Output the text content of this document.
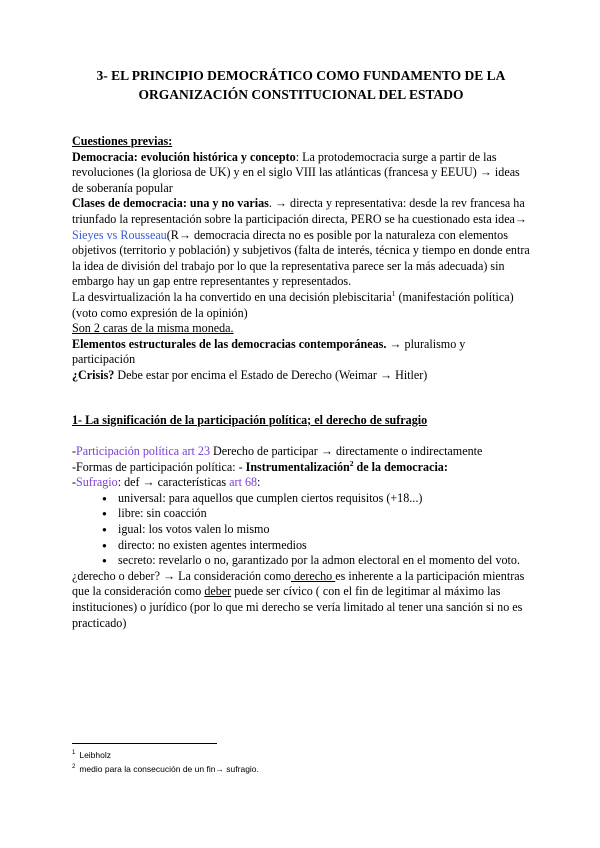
3- EL PRINCIPIO DEMOCRÁTICO COMO FUNDAMENTO DE LA
ORGANIZACIÓN CONSTITUCIONAL DEL ESTADO

Cuestiones previas:

Democracia: evolución histórica y concepto: La protodemocracia surge a partir de las revoluciones (la gloriosa de UK) y en el siglo VIII las atlánticas (francesa y EEUU) → ideas de soberanía popular

Clases de democracia: una y no varias. → directa y representativa: desde la rev francesa ha triunfado la representación sobre la participación directa, PERO se ha cuestionado esta idea→ Sieyes vs Rousseau(R→ democracia directa no es posible por la naturaleza con elementos objetivos (territorio y población) y subjetivos (falta de interés, técnica y tiempo en donde entra la idea de división del trabajo por lo que la representativa parece ser la más adecuada) sin embargo hay un gap entre representantes y representados.

La desvirtualización la ha convertido en una decisión plebiscitaria$^1$ (manifestación política) (voto como expresión de la opinión)

Son 2 caras de la misma moneda.

Elementos estructurales de las democracias contemporáneas. → pluralismo y participación

¿Crisis? Debe estar por encima el Estado de Derecho (Weimar → Hitler)

1- La significación de la participación política; el derecho de sufragio

-Participación política art 23 Derecho de participar → directamente o indirectamente

-Formas de participación política: - Instrumentalización$^2$ de la democracia:

-Sufragio: def → características art 68:

● universal: para aquellos que cumplen ciertos requisitos (+18...)
● libre: sin coacción
● igual: los votos valen lo mismo
● directo: no existen agentes intermedios
● secreto: revelarlo o no, garantizado por la admon electoral en el momento del voto.

¿derecho o deber? → La consideración como derecho es inherente a la participación mientras que la consideración como deber puede ser cívico ( con el fin de legitimar al máximo las instituciones) o jurídico (por lo que mi derecho se vería limitado al tener una sanción si no es practicado)

$^1$ Leibholz
$^2$ medio para la consecución de un fin→ sufragio.
